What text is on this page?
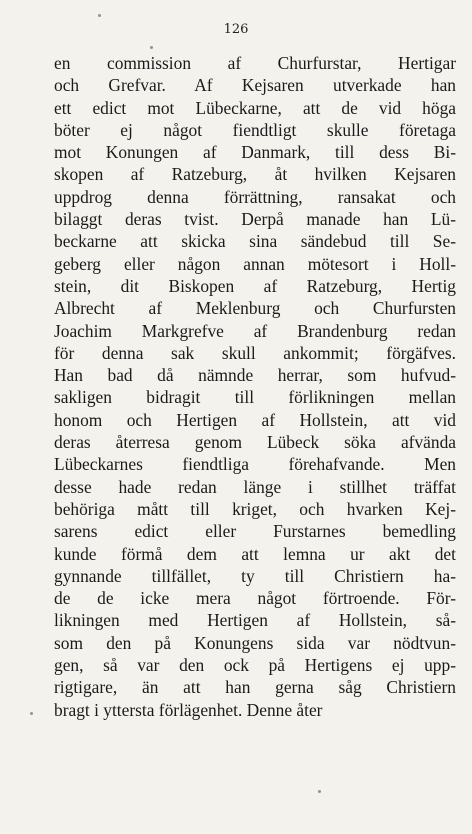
126
en commission af Churfurstar, Hertigar
och Grefvar. Af Kejsaren utverkade han
ett edict mot Lübeckarne, att de vid höga
böter ej något fiendtligt skulle företaga
mot Konungen af Danmark, till dess Bi-
skopen af Ratzeburg, åt hvilken Kejsaren
uppdrog denna förrättning, ransakat och
bilaggt deras tvist. Derpå manade han Lü-
beckarne att skicka sina sändebud till Se-
geberg eller någon annan mötesort i Holl-
stein, dit Biskopen af Ratzeburg, Hertig
Albrecht af Meklenburg och Churfursten
Joachim Markgrefve af Brandenburg redan
för denna sak skull ankommit; förgäfves.
Han bad då nämnde herrar, som hufvud-
sakligen bidragit till förlikningen mellan
honom och Hertigen af Hollstein, att vid
deras återresa genom Lübeck söka afvända
Lübeckarnes fiendtliga förehafvande. Men
desse hade redan länge i stillhet träffat
behöriga mått till kriget, och hvarken Kej-
sarens edict eller Furstarnes bemedling
kunde förmå dem att lemna ur akt det
gynnande tillfället, ty till Christiern ha-
de de icke mera något förtroende. För-
likningen med Hertigen af Hollstein, så-
som den på Konungens sida var nödtvun-
gen, så var den ock på Hertigens ej upp-
rigtigare, än att han gerna såg Christiern
bragt i yttersta förlägenhet. Denne åter
